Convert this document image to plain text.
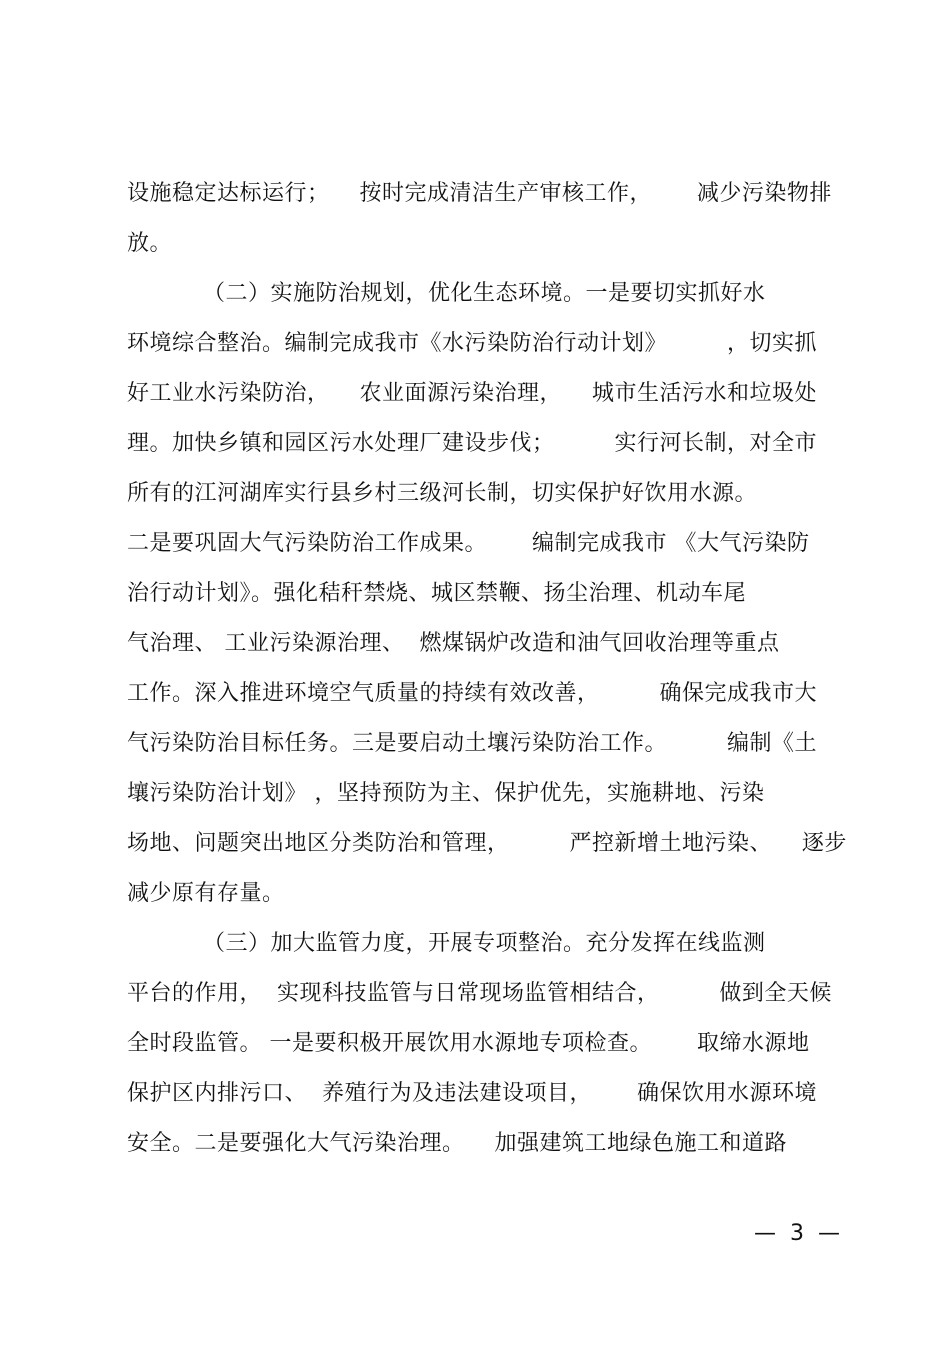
设施稳定达标运行；    按时完成清洁生产审核工作，      减少污染物排
放。
（二）实施防治规划，优化生态环境。一是要切实抓好水
环境综合整治。编制完成我市《水污染防治行动计划》        ，切实抓
好工业水污染防治，    农业面源污染治理，    城市生活污水和垃圾处
理。加快乡镇和园区污水处理厂建设步伐；        实行河长制，对全市
所有的江河湖库实行县乡村三级河长制，切实保护好饮用水源。
二是要巩固大气污染防治工作成果。      编制完成我市 《大气污染防
治行动计划》。强化秸秆禁烧、城区禁鞭、扬尘治理、机动车尾
气治理、 工业污染源治理、  燃煤锅炉改造和油气回收治理等重点
工作。深入推进环境空气质量的持续有效改善，        确保完成我市大
气污染防治目标任务。三是要启动土壤污染防治工作。        编制《土
壤污染防治计划》 ，坚持预防为主、保护优先，实施耕地、污染
场地、问题突出地区分类防治和管理，        严控新增土地污染、    逐步
减少原有存量。
（三）加大监管力度，开展专项整治。充分发挥在线监测
平台的作用，  实现科技监管与日常现场监管相结合，        做到全天候
全时段监管。 一是要积极开展饮用水源地专项检查。      取缔水源地
保护区内排污口、  养殖行为及违法建设项目，      确保饮用水源环境
安全。二是要强化大气污染治理。    加强建筑工地绿色施工和道路
—  3  —
